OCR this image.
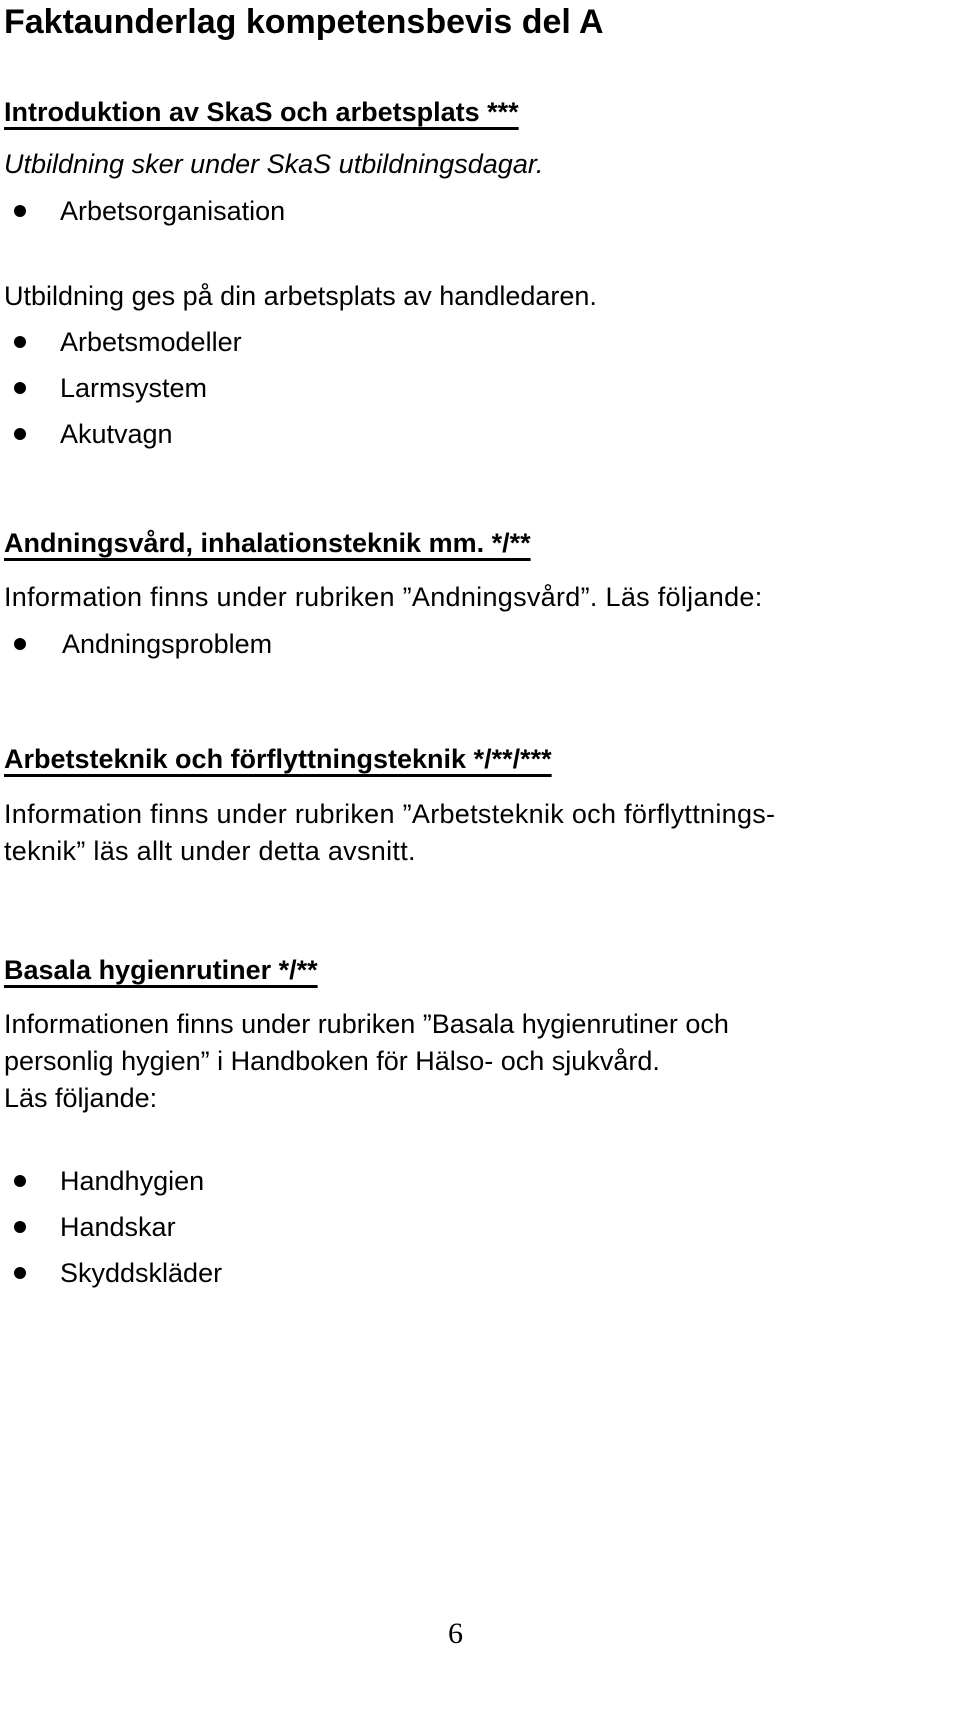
Faktaunderlag kompetensbevis del A
Introduktion av SkaS och arbetsplats ***

Utbildning sker under SkaS utbildningsdagar.

Arbetsorganisation

Utbildning ges på din arbetsplats av handledaren.

Arbetsmodeller
Larmsystem
Akutvagn
Andningsvård, inhalationsteknik mm. */**

Information finns under rubriken ”Andningsvård”. Läs följande:

Andningsproblem
Arbetsteknik och förflyttningsteknik */**/***

Information finns under rubriken ”Arbetsteknik och förflyttnings-

teknik” läs allt under detta avsnitt.

Basala hygienrutiner */**

Informationen finns under rubriken ”Basala hygienrutiner och

personlig hygien” i Handboken för Hälso- och sjukvård.

Läs följande:

Handhygien
Handskar
Skyddskläder

6
